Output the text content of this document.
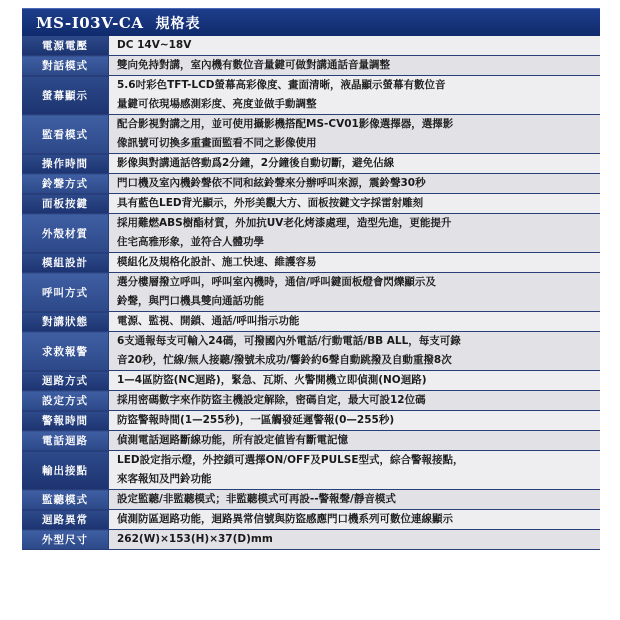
MS-I03V-CA 規格表
電源電壓	DC 14V~18V

對話模式	雙向免持對講，室內機有數位音量鍵可做對講通話音量調整

螢幕顯示	5.6吋彩色TFT-LCD螢幕高彩像度、畫面清晰，液晶顯示螢幕有數位音
量鍵可依現場感測彩度、亮度並做手動調整

監看模式	配合影視對講之用，並可使用攝影機搭配MS-CV01影像選擇器，選擇影
像訊號可切換多重畫面監看不同之影像使用

操作時間	影像與對講通話啓動爲2分鐘，2分鐘後自動切斷，避免佔線

鈴聲方式	門口機及室內機鈴聲依不同和絃鈴聲來分辦呼叫來源，震鈴聲30秒

面板按鍵	具有藍色LED背光顯示，外形美觀大方、面板按鍵文字採雷射雕刻

外殼材質	採用難燃ABS樹酯材質，外加抗UV老化烤漆處理，造型先進，更能提升
住宅高雅形象，並符合人體功學

模組設計	模組化及規格化設計、施工快速、維護容易

呼叫方式	選分樓層撥立呼叫，呼叫室內機時，通信/呼叫鍵面板燈會閃爍顯示及
鈴聲，與門口機具雙向通話功能

對講狀態	電源、監視、開鎖、通話/呼叫指示功能

求救報警	6支通報每支可輸入24碼，可撥國內外電話/行動電話/BB ALL，每支可錄
音20秒，忙線/無人接聽/撥號未成功/響鈴約6聲自動跳撥及自動重撥8次

迴路方式	1—4區防盜(NC迴路)，緊急、瓦斯、火警開機立即偵測(NO迴路)

設定方式	採用密碼數字來作防盜主機設定解除，密碼自定，最大可設12位碼

警報時間	防盜警報時間(1—255秒)，一區觸發延遲警報(0—255秒)

電話迴路	偵測電話迴路斷線功能，所有設定値皆有斷電記憶

輸出接點	LED設定指示燈，外控鎖可選擇ON/OFF及PULSE型式，綜合警報接點，
來客報知及門鈴功能

監聽模式	設定監聽/非監聽模式；非監聽模式可再設--警報聲/靜音模式

迴路異常	偵測防區迴路功能，迴路異常信號與防盜感應門口機系列可數位連線顯示

外型尺寸	262(W)×153(H)×37(D)mm
